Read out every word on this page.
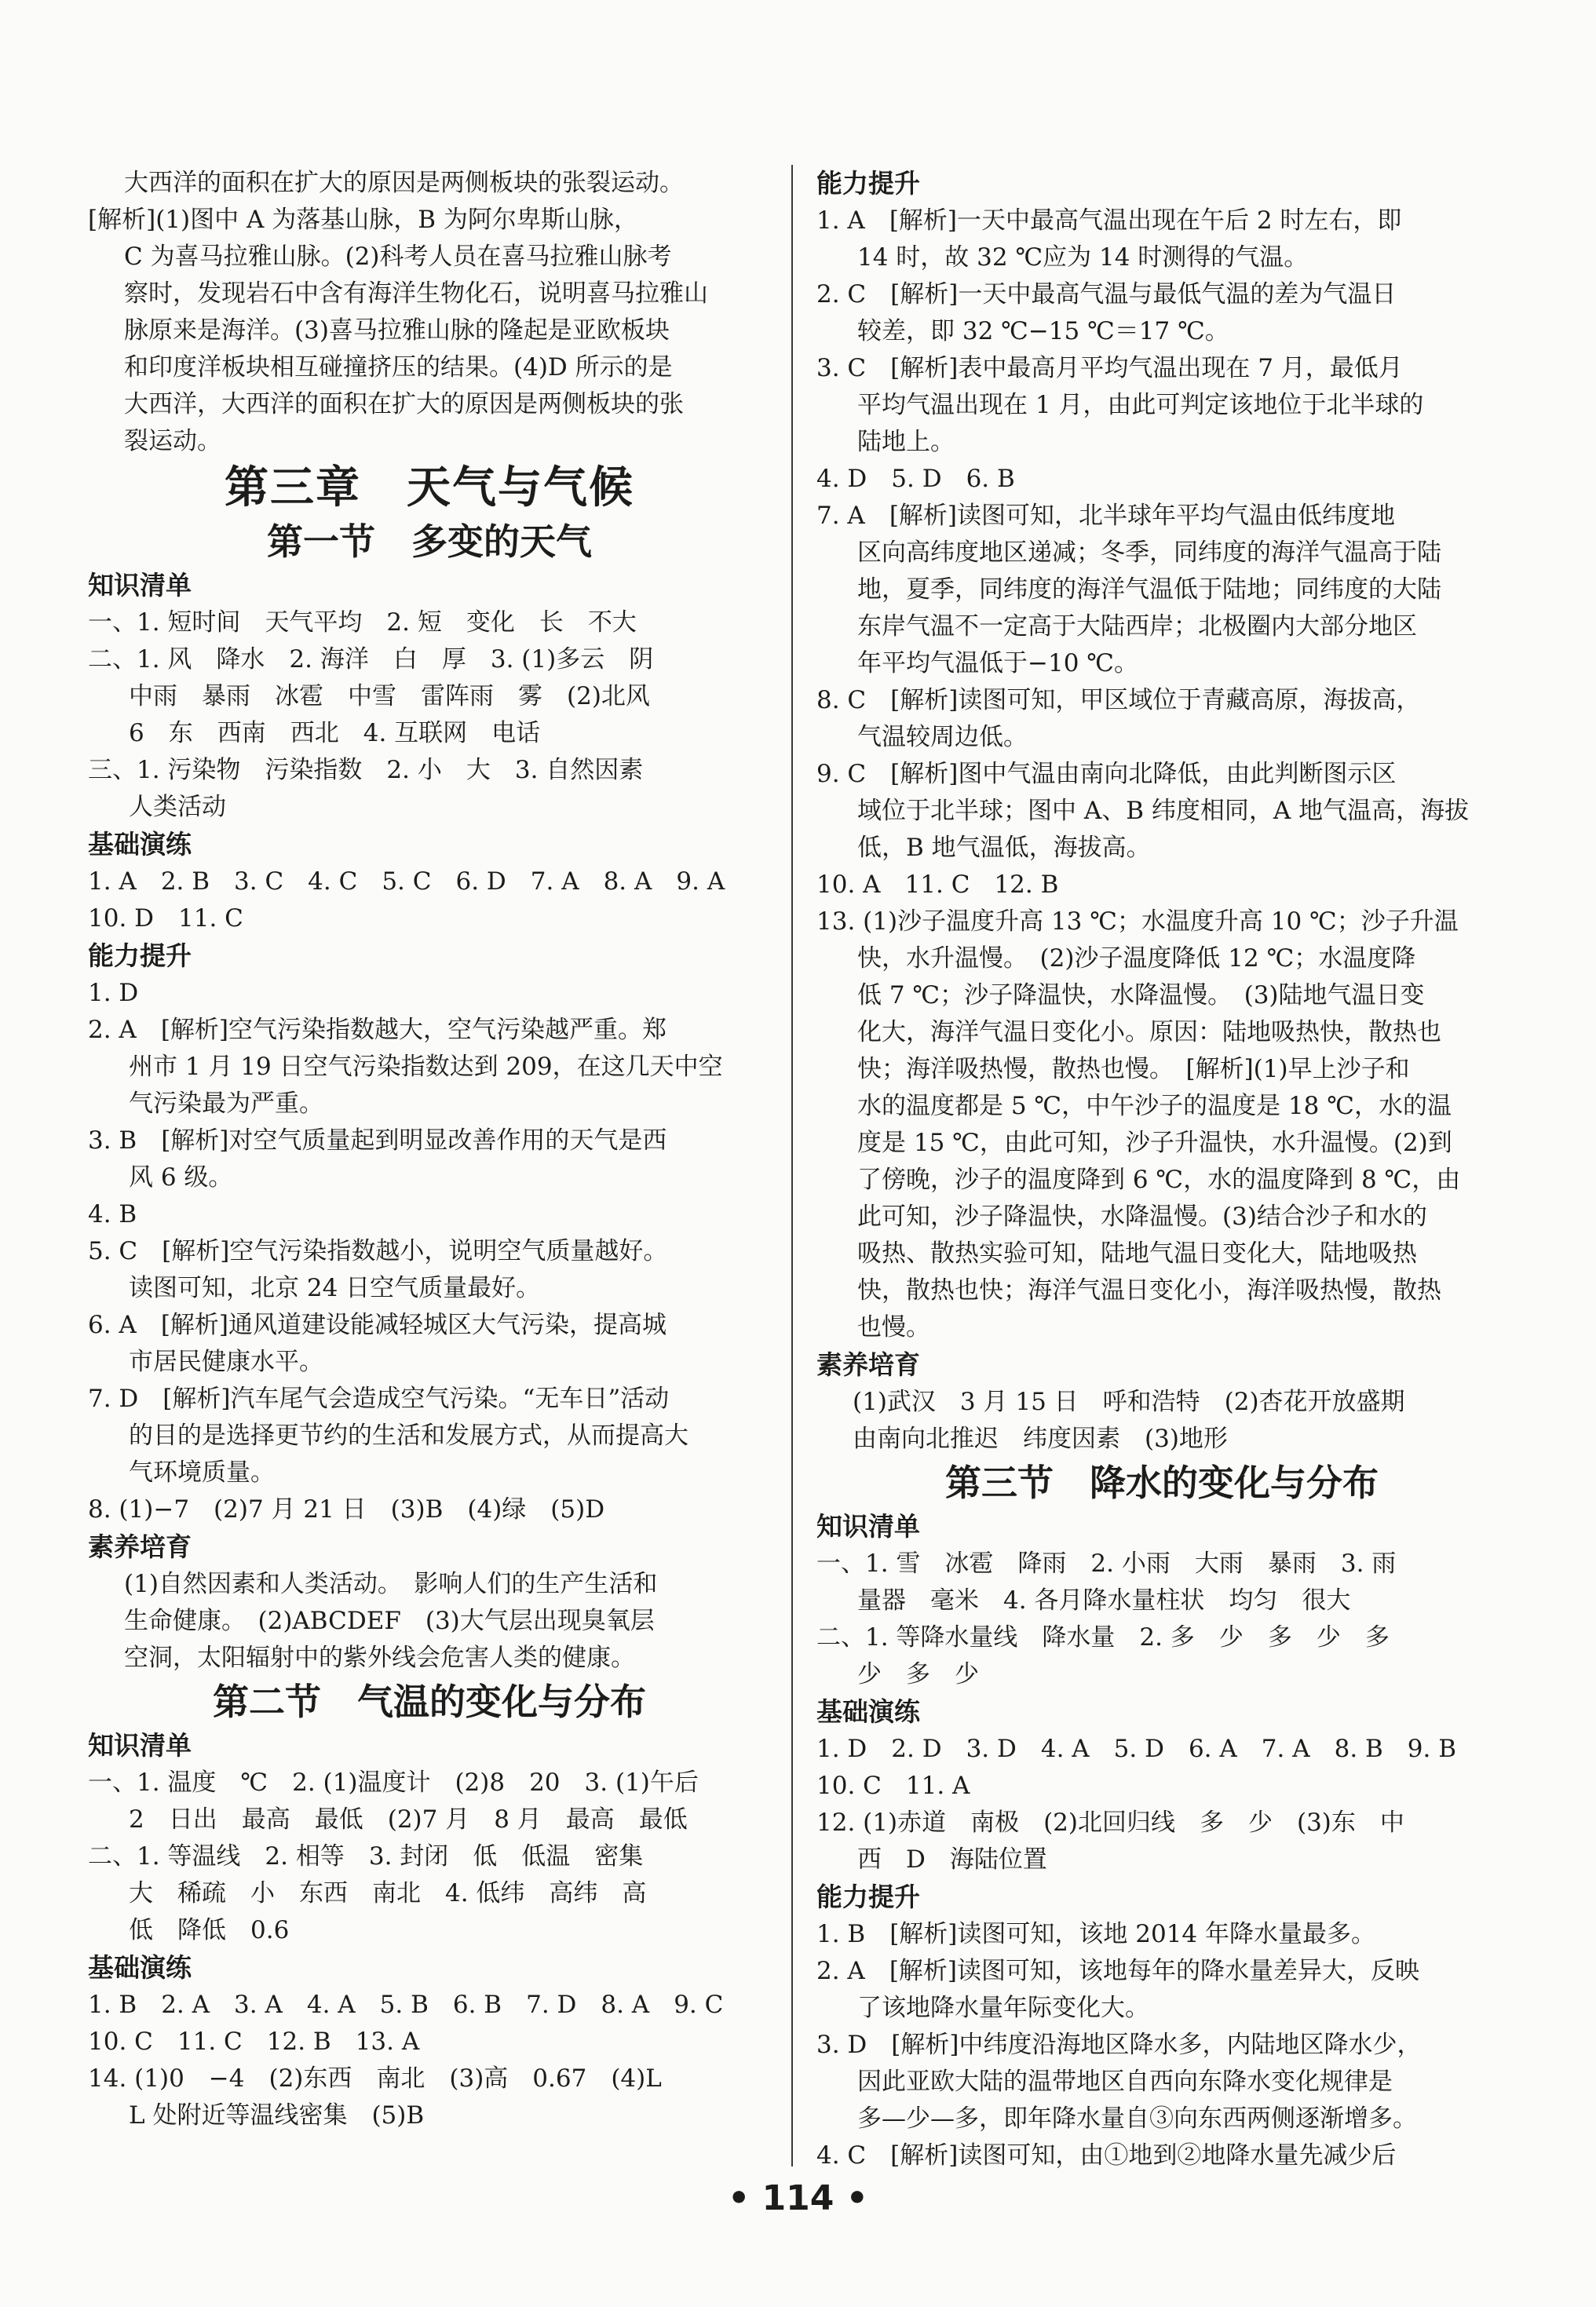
大西洋的面积在扩大的原因是两侧板块的张裂运动。
[解析](1)图中 A 为落基山脉，B 为阿尔卑斯山脉，
C 为喜马拉雅山脉。(2)科考人员在喜马拉雅山脉考
察时，发现岩石中含有海洋生物化石，说明喜马拉雅山
脉原来是海洋。(3)喜马拉雅山脉的隆起是亚欧板块
和印度洋板块相互碰撞挤压的结果。(4)D 所示的是
大西洋，大西洋的面积在扩大的原因是两侧板块的张
裂运动。
第三章　天气与气候
第一节　多变的天气
知识清单
一、1. 短时间　天气平均　2. 短　变化　长　不大
二、1. 风　降水　2. 海洋　白　厚　3. (1)多云　阴
中雨　暴雨　冰雹　中雪　雷阵雨　雾　(2)北风
6　东　西南　西北　4. 互联网　电话
三、1. 污染物　污染指数　2. 小　大　3. 自然因素
人类活动
基础演练
1. A　2. B　3. C　4. C　5. C　6. D　7. A　8. A　9. A
10. D　11. C
能力提升
1. D
2. A　[解析]空气污染指数越大，空气污染越严重。郑
州市 1 月 19 日空气污染指数达到 209，在这几天中空
气污染最为严重。
3. B　[解析]对空气质量起到明显改善作用的天气是西
风 6 级。
4. B
5. C　[解析]空气污染指数越小，说明空气质量越好。
读图可知，北京 24 日空气质量最好。
6. A　[解析]通风道建设能减轻城区大气污染，提高城
市居民健康水平。
7. D　[解析]汽车尾气会造成空气污染。“无车日”活动
的目的是选择更节约的生活和发展方式，从而提高大
气环境质量。
8. (1)−7　(2)7 月 21 日　(3)B　(4)绿　(5)D
素养培育
(1)自然因素和人类活动。　影响人们的生产生活和
生命健康。　(2)ABCDEF　(3)大气层出现臭氧层
空洞，太阳辐射中的紫外线会危害人类的健康。
第二节　气温的变化与分布
知识清单
一、1. 温度　℃　2. (1)温度计　(2)8　20　3. (1)午后
2　日出　最高　最低　(2)7 月　8 月　最高　最低
二、1. 等温线　2. 相等　3. 封闭　低　低温　密集
大　稀疏　小　东西　南北　4. 低纬　高纬　高
低　降低　0.6
基础演练
1. B　2. A　3. A　4. A　5. B　6. B　7. D　8. A　9. C
10. C　11. C　12. B　13. A
14. (1)0　−4　(2)东西　南北　(3)高　0.67　(4)L
L 处附近等温线密集　(5)B
能力提升
1. A　[解析]一天中最高气温出现在午后 2 时左右，即
14 时，故 32 ℃应为 14 时测得的气温。
2. C　[解析]一天中最高气温与最低气温的差为气温日
较差，即 32 ℃−15 ℃＝17 ℃。
3. C　[解析]表中最高月平均气温出现在 7 月，最低月
平均气温出现在 1 月，由此可判定该地位于北半球的
陆地上。
4. D　5. D　6. B
7. A　[解析]读图可知，北半球年平均气温由低纬度地
区向高纬度地区递减；冬季，同纬度的海洋气温高于陆
地，夏季，同纬度的海洋气温低于陆地；同纬度的大陆
东岸气温不一定高于大陆西岸；北极圈内大部分地区
年平均气温低于−10 ℃。
8. C　[解析]读图可知，甲区域位于青藏高原，海拔高，
气温较周边低。
9. C　[解析]图中气温由南向北降低，由此判断图示区
域位于北半球；图中 A、B 纬度相同，A 地气温高，海拔
低，B 地气温低，海拔高。
10. A　11. C　12. B
13. (1)沙子温度升高 13 ℃；水温度升高 10 ℃；沙子升温
快，水升温慢。　(2)沙子温度降低 12 ℃；水温度降
低 7 ℃；沙子降温快，水降温慢。　(3)陆地气温日变
化大，海洋气温日变化小。原因：陆地吸热快，散热也
快；海洋吸热慢，散热也慢。　[解析](1)早上沙子和
水的温度都是 5 ℃，中午沙子的温度是 18 ℃，水的温
度是 15 ℃，由此可知，沙子升温快，水升温慢。(2)到
了傍晚，沙子的温度降到 6 ℃，水的温度降到 8 ℃，由
此可知，沙子降温快，水降温慢。(3)结合沙子和水的
吸热、散热实验可知，陆地气温日变化大，陆地吸热
快，散热也快；海洋气温日变化小，海洋吸热慢，散热
也慢。
素养培育
(1)武汉　3 月 15 日　呼和浩特　(2)杏花开放盛期
由南向北推迟　纬度因素　(3)地形
第三节　降水的变化与分布
知识清单
一、1. 雪　冰雹　降雨　2. 小雨　大雨　暴雨　3. 雨
量器　毫米　4. 各月降水量柱状　均匀　很大
二、1. 等降水量线　降水量　2. 多　少　多　少　多
少　多　少
基础演练
1. D　2. D　3. D　4. A　5. D　6. A　7. A　8. B　9. B
10. C　11. A
12. (1)赤道　南极　(2)北回归线　多　少　(3)东　中
西　D　海陆位置
能力提升
1. B　[解析]读图可知，该地 2014 年降水量最多。
2. A　[解析]读图可知，该地每年的降水量差异大，反映
了该地降水量年际变化大。
3. D　[解析]中纬度沿海地区降水多，内陆地区降水少，
因此亚欧大陆的温带地区自西向东降水变化规律是
多—少—多，即年降水量自③向东西两侧逐渐增多。
4. C　[解析]读图可知，由①地到②地降水量先减少后
• 114 •
